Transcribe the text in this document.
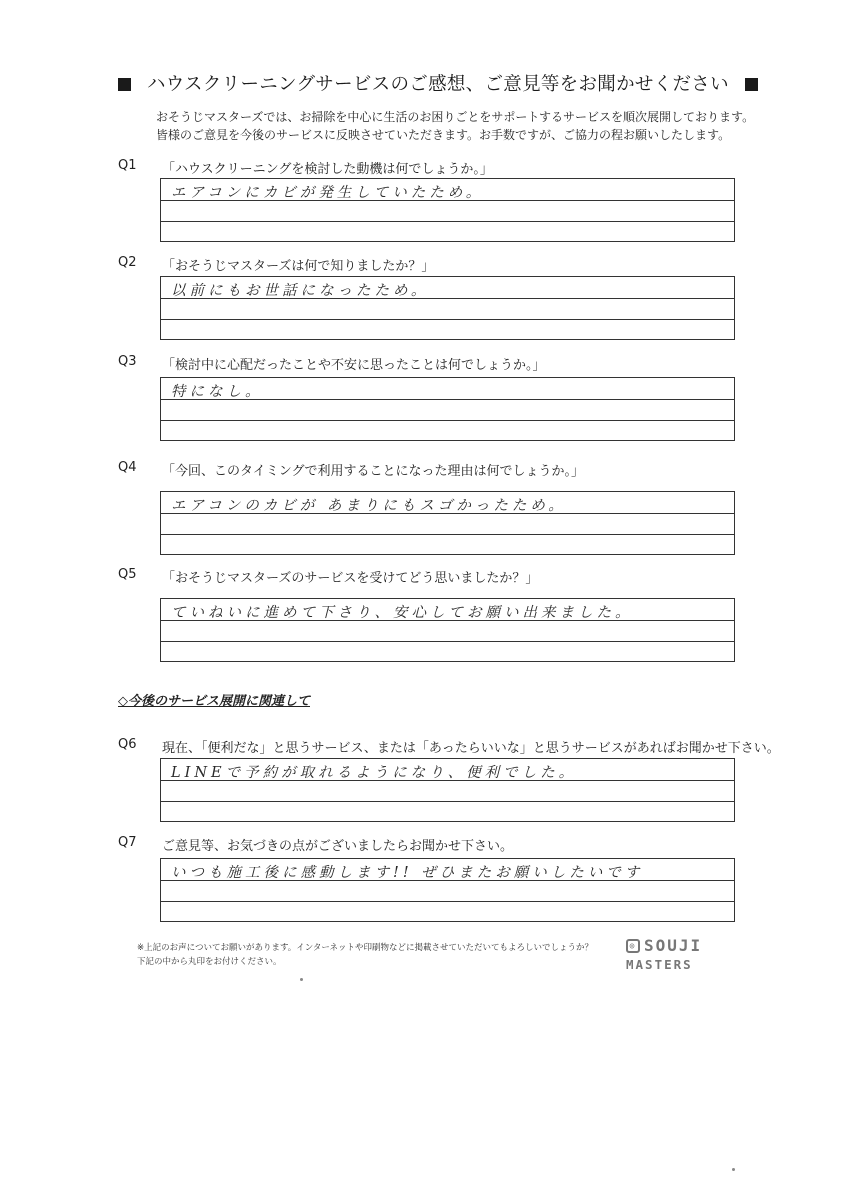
ハウスクリーニングサービスのご感想、ご意見等をお聞かせください
おそうじマスターズでは、お掃除を中心に生活のお困りごとをサポートするサービスを順次展開しております。
皆様のご意見を今後のサービスに反映させていただきます。お手数ですが、ご協力の程お願いしたします。
Q1 「ハウスクリーニングを検討した動機は何でしょうか。」
エアコンにカビが発生していたため。
Q2 「おそうじマスターズは何で知りましたか？」
以前にもお世話になったため。
Q3 「検討中に心配だったことや不安に思ったことは何でしょうか。」
特になし。
Q4 「今回、このタイミングで利用することになった理由は何でしょうか。」
エアコンのカビが あまりにもスゴかったため。
Q5 「おそうじマスターズのサービスを受けてどう思いましたか？」
ていねいに進めて下さり、安心してお願い出来ました。
◇今後のサービス展開に関連して
Q6 現在、「便利だな」と思うサービス、または「あったらいいな」と思うサービスがあればお聞かせ下さい。
LINEで予約が取れるようになり、便利でした。
Q7 ご意見等、お気づきの点がございましたらお聞かせ下さい。
いつも施工後に感動します!! ぜひまたお願いしたいです
※上記のお声についてお願いがあります。インターネットや印刷物などに掲載させていただいてもよろしいでしょうか？
下記の中から丸印をお付けください。
◎ SOUJI
MASTERS
